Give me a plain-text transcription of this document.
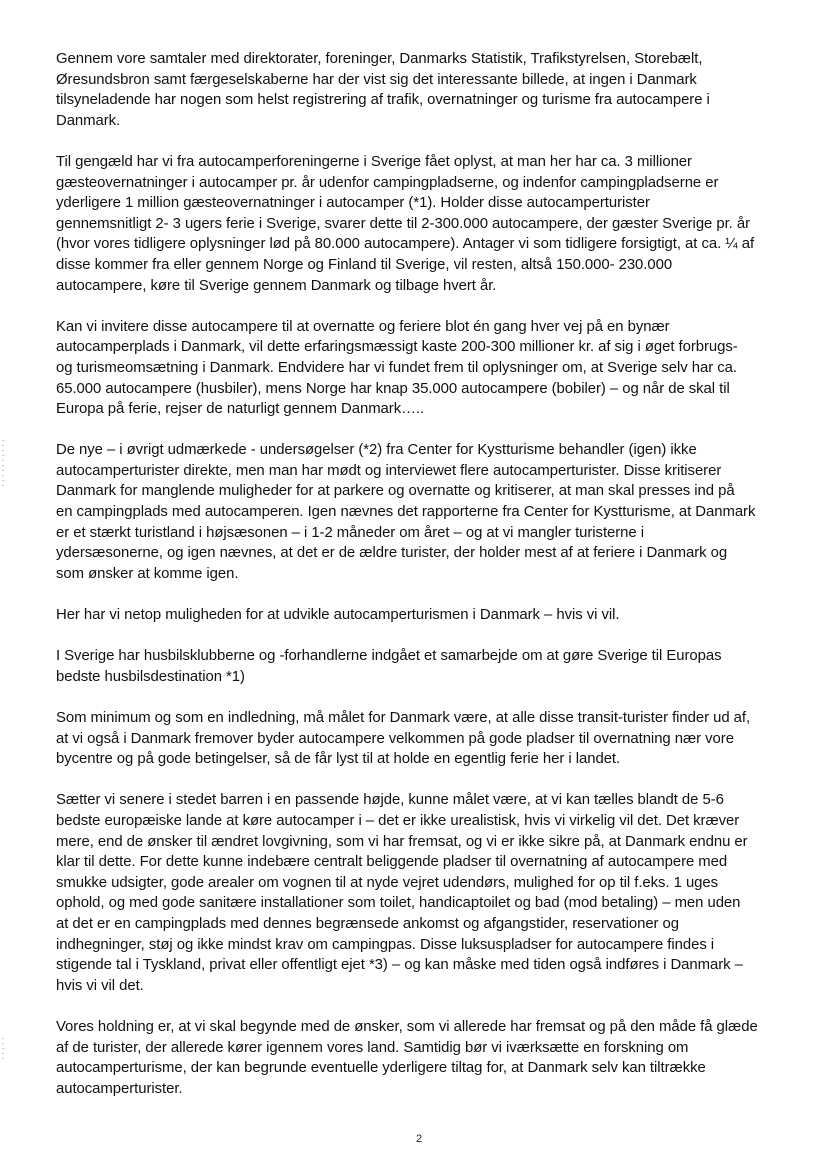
Gennem vore samtaler med direktorater, foreninger, Danmarks Statistik, Trafikstyrelsen, Storebælt,
Øresundsbron samt færgeselskaberne har der vist sig det interessante billede, at ingen i Danmark
tilsyneladende har nogen som helst registrering af trafik, overnatninger og turisme fra autocampere i
Danmark.

Til gengæld har vi fra autocamperforeningerne i Sverige fået oplyst, at man her har ca. 3 millioner
gæsteovernatninger i autocamper pr. år udenfor campingpladserne, og indenfor campingpladserne er
yderligere 1 million gæsteovernatninger i autocamper (*1). Holder disse autocamperturister
gennemsnitligt 2- 3 ugers ferie i Sverige, svarer dette til 2-300.000 autocampere, der gæster Sverige pr. år
(hvor vores tidligere oplysninger lød på 80.000 autocampere). Antager vi som tidligere forsigtigt, at ca. ¼ af
disse kommer fra eller gennem Norge og Finland til Sverige, vil resten, altså 150.000- 230.000
autocampere, køre til Sverige gennem Danmark og tilbage hvert år.

Kan vi invitere disse autocampere til at overnatte og feriere blot én gang hver vej på en bynær
autocamperplads i Danmark, vil dette erfaringsmæssigt kaste 200-300 millioner kr. af sig i øget forbrugs-
og turismeomsætning i Danmark. Endvidere har vi fundet frem til oplysninger om, at Sverige selv har ca.
65.000 autocampere (husbiler), mens Norge har knap 35.000 autocampere (bobiler) – og når de skal til
Europa på ferie, rejser de naturligt gennem Danmark…..

De nye – i øvrigt udmærkede - undersøgelser (*2) fra Center for Kystturisme behandler (igen) ikke
autocamperturister direkte, men man har mødt og interviewet flere autocamperturister. Disse kritiserer
Danmark for manglende muligheder for at parkere og overnatte og kritiserer, at man skal presses ind på
en campingplads med autocamperen. Igen nævnes det rapporterne fra Center for Kystturisme, at Danmark
er et stærkt turistland i højsæsonen – i 1-2 måneder om året – og at vi mangler turisterne i
ydersæsonerne, og igen nævnes, at det er de ældre turister, der holder mest af at feriere i Danmark og
som ønsker at komme igen.

Her har vi netop muligheden for at udvikle autocamperturismen i Danmark – hvis vi vil.

I Sverige har husbilsklubberne og -forhandlerne indgået et samarbejde om at gøre Sverige til Europas
bedste husbilsdestination *1)

Som minimum og som en indledning, må målet for Danmark være, at alle disse transit-turister finder ud af,
at vi også i Danmark fremover byder autocampere velkommen på gode pladser til overnatning nær vore
bycentre og på gode betingelser, så de får lyst til at holde en egentlig ferie her i landet.

Sætter vi senere i stedet barren i en passende højde, kunne målet være, at vi kan tælles blandt de 5-6
bedste europæiske lande at køre autocamper i – det er ikke urealistisk, hvis vi virkelig vil det. Det kræver
mere, end de ønsker til ændret lovgivning, som vi har fremsat, og vi er ikke sikre på, at Danmark endnu er
klar til dette. For dette kunne indebære centralt beliggende pladser til overnatning af autocampere med
smukke udsigter, gode arealer om vognen til at nyde vejret udendørs, mulighed for op til f.eks. 1 uges
ophold, og med gode sanitære installationer som toilet, handicaptoilet og bad (mod betaling) – men uden
at det er en campingplads med dennes begrænsede ankomst og afgangstider, reservationer og
indhegninger, støj og ikke mindst krav om campingpas. Disse luksuspladser for autocampere findes i
stigende tal i Tyskland, privat eller offentligt ejet *3) – og kan måske med tiden også indføres i Danmark –
hvis vi vil det.

Vores holdning er, at vi skal begynde med de ønsker, som vi allerede har fremsat og på den måde få glæde
af de turister, der allerede kører igennem vores land. Samtidig bør vi iværksætte en forskning om
autocamperturisme, der kan begrunde eventuelle yderligere tiltag for, at Danmark selv kan tiltrække
autocamperturister.

2
